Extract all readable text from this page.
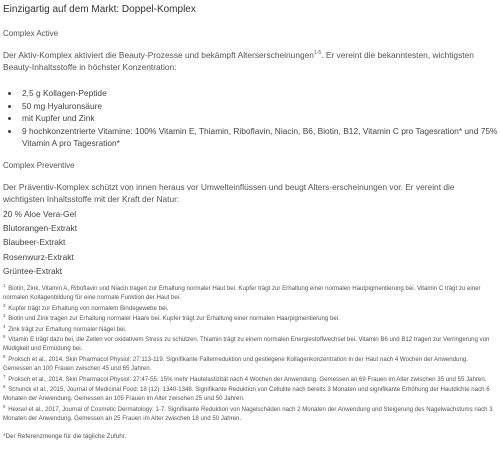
Einzigartig auf dem Markt: Doppel-Komplex
Complex Active
Der Aktiv-Komplex aktiviert die Beauty-Prozesse und bekämpft Alterserscheinungen$^{1-5}$. Er vereint die bekanntesten, wichtigsten Beauty-Inhaltsstoffe in höchster Konzentration:
• 2,5 g Kollagen-Peptide
• 50 mg Hyaluronsäure
• mit Kupfer und Zink
• 9 hochkonzentrierte Vitamine: 100% Vitamin E, Thiamin, Riboflavin, Niacin, B6, Biotin, B12, Vitamin C pro Tagesration* und 75% Vitamin A pro Tagesration*
Complex Preventive
Der Präventiv-Komplex schützt von innen heraus vor Umwelteinflüssen und beugt Alters-erscheinungen vor. Er vereint die wichtigsten Inhaltsstoffe mit der Kraft der Natur:
20 % Aloe Vera-Gel
Blutorangen-Extrakt
Blaubeer-Extrakt
Rosenwurz-Extrakt
Grüntee-Extrakt
$^1$ Biotin, Zink, Vitamin A, Riboflavin und Niacin tragen zur Erhaltung normaler Haut bei. Kupfer trägt zur Erhaltung einer normalen Hautpigmentierung bei. Vitamin C trägt zu einer normalen Kollagenbildung für eine normale Funktion der Haut bei.
$^2$ Kupfer trägt zur Erhaltung von normalem Bindegewebe bei.
$^3$ Biotin und Zink tragen zur Erhaltung normaler Haare bei. Kupfer trägt zur Erhaltung einer normalen Haarpigmentierung bei.
$^4$ Zink trägt zur Erhaltung normaler Nägel bei.
$^5$ Vitamin E trägt dazu bei, die Zellen vor oxidativem Stress zu schützen. Thiamin trägt zu einem normalen Energiestoffwechsel bei. Vitamin B6 und B12 tragen zur Verringerung von Müdigkeit und Ermüdung bei.
$^6$ Proksch et al., 2014, Skin Pharmacol Physiol: 27:113-119. Signifikante Faltenreduktion und gestiegene Kollagenkonzentration in der Haut nach 4 Wochen der Anwendung. Gemessen an 100 Frauen zwischen 45 und 65 Jahren.
$^7$ Proksch et al., 2014, Skin Pharmacol Physiol: 27:47-55. 15% mehr Hautelastizität nach 4 Wochen der Anwendung. Gemessen an 69 Frauen im Alter zwischen 35 und 55 Jahren.
$^8$ Schunck et al., 2015, Journal of Medicinal Food: 18 (12): 1340-1348. Signifikante Reduktion von Cellulite nach bereits 3 Monaten und signifikante Erhöhung der Hautdichte nach 6 Monaten der Anwendung. Gemessen an 105 Frauen im Alter zwischen 25 und 50 Jahren.
$^9$ Hexsel et al., 2017, Journal of Cosmetic Dermatology: 1-7. Signifikante Reduktion von Nagelschäden nach 2 Monaten der Anwendung und Steigerung des Nagelwachstums nach 3 Monaten der Anwendung. Gemessen an 25 Frauen im Alter zwischen 18 und 50 Jahren.
*Der Referenzmenge für die tägliche Zufuhr.
